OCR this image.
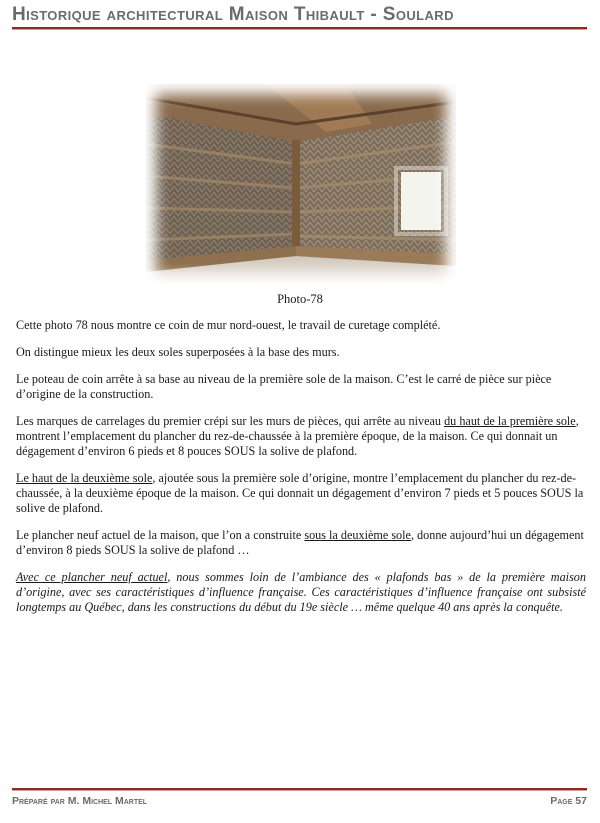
Historique architectural Maison Thibault - Soulard
Photo-78

Cette photo 78 nous montre ce coin de mur nord-ouest, le travail de curetage complété.

On distingue mieux les deux soles superposées à la base des murs.

Le poteau de coin arrête à sa base au niveau de la première sole de la maison. C’est le carré de pièce sur pièce d’origine de la construction.

Les marques de carrelages du premier crépi sur les murs de pièces, qui arrête au niveau du haut de la première sole, montrent l’emplacement du plancher du rez-de-chaussée à la première époque, de la maison. Ce qui donnait un dégagement d’environ 6 pieds et 8 pouces SOUS la solive de plafond.

Le haut de la deuxième sole, ajoutée sous la première sole d’origine, montre l’emplacement du plancher du rez-de-chaussée, à la deuxième époque de la maison. Ce qui donnait un dégagement d’environ 7 pieds et 5 pouces SOUS la solive de plafond.

Le plancher neuf actuel de la maison, que l’on a construite sous la deuxième sole, donne aujourd’hui un dégagement d’environ 8 pieds SOUS la solive de plafond …

Avec ce plancher neuf actuel, nous sommes loin de l’ambiance des « plafonds bas » de la première maison d’origine, avec ses caractéristiques d’influence française. Ces caractéristiques d’influence française ont subsisté longtemps au Québec, dans les constructions du début du 19e siècle … même quelque 40 ans après la conquête.

Préparé par M. Michel Martel	Page 57
